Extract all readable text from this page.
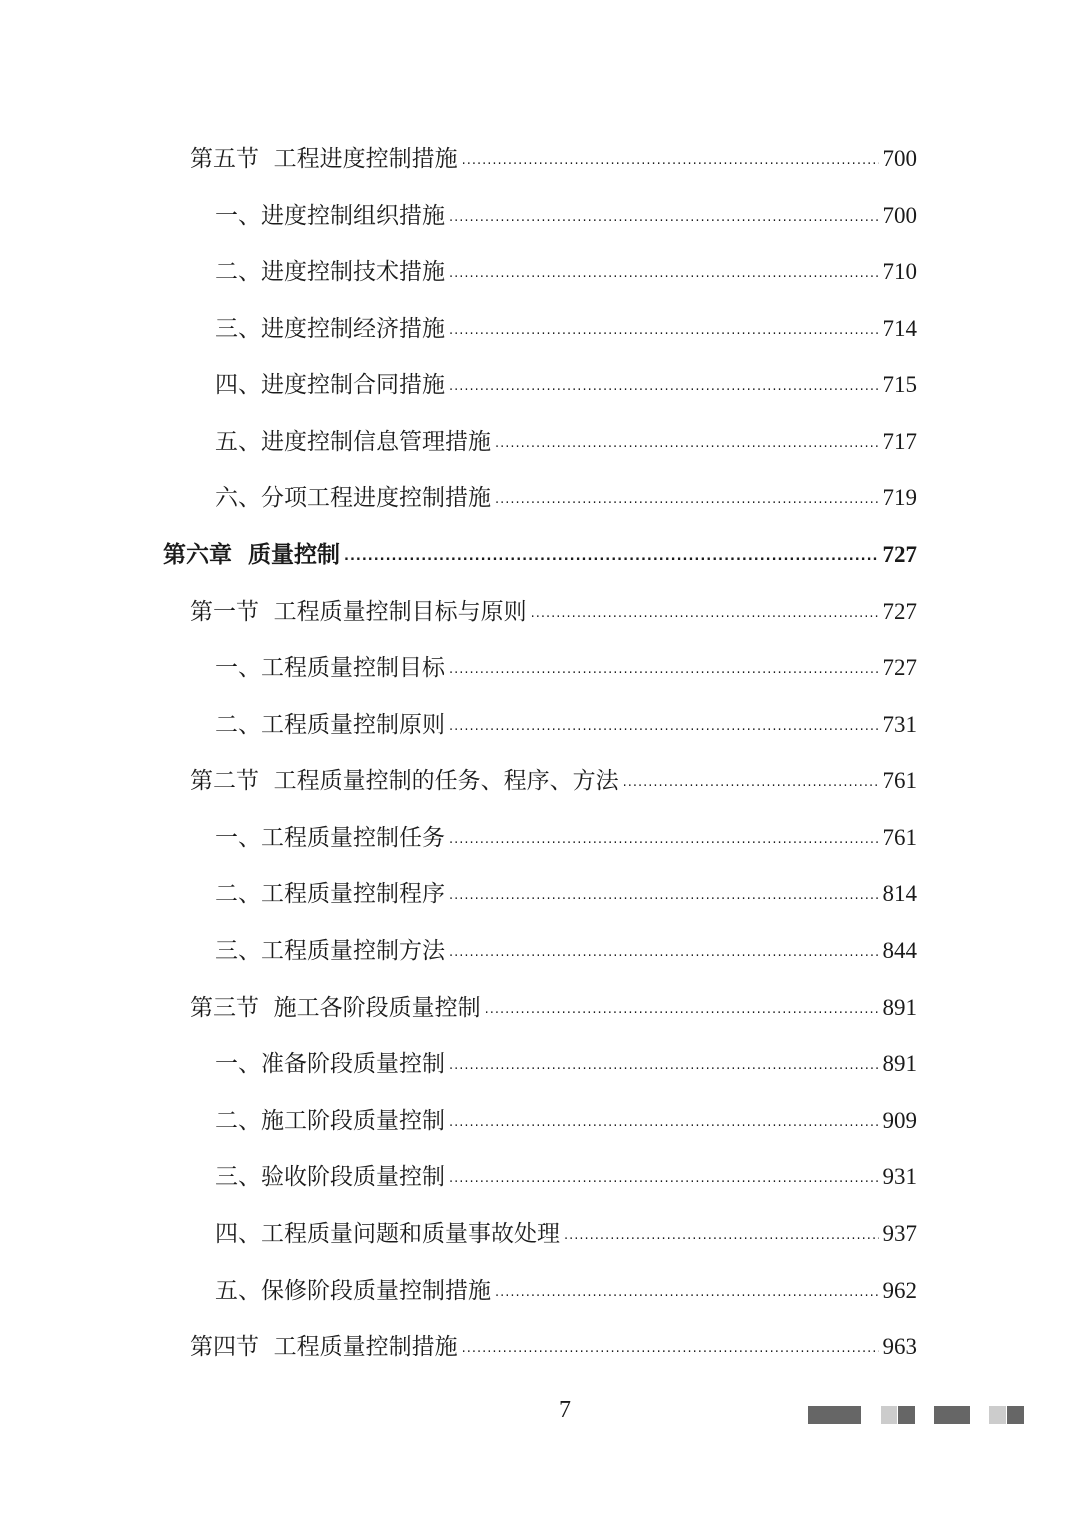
第五节  工程进度控制措施 .....	700
一、进度控制组织措施 .....	700
二、进度控制技术措施 .....	710
三、进度控制经济措施 .....	714
四、进度控制合同措施 .....	715
五、进度控制信息管理措施 .....	717
六、分项工程进度控制措施 .....	719
第六章  质量控制 .....	727
第一节  工程质量控制目标与原则 .....	727
一、工程质量控制目标 .....	727
二、工程质量控制原则 .....	731
第二节  工程质量控制的任务、程序、方法 .....	761
一、工程质量控制任务 .....	761
二、工程质量控制程序 .....	814
三、工程质量控制方法 .....	844
第三节  施工各阶段质量控制 .....	891
一、准备阶段质量控制 .....	891
二、施工阶段质量控制 .....	909
三、验收阶段质量控制 .....	931
四、工程质量问题和质量事故处理 .....	937
五、保修阶段质量控制措施 .....	962
第四节  工程质量控制措施 .....	963
7
